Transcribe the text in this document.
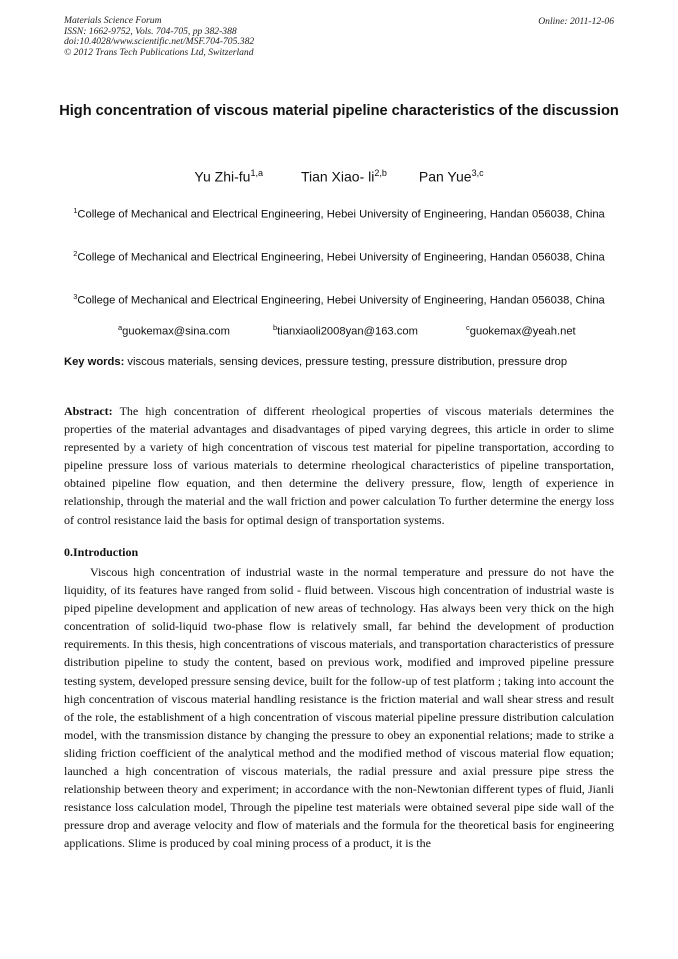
Materials Science Forum
ISSN: 1662-9752, Vols. 704-705, pp 382-388
doi:10.4028/www.scientific.net/MSF.704-705.382
© 2012 Trans Tech Publications Ltd, Switzerland
Online: 2011-12-06
High concentration of viscous material pipeline characteristics of the discussion
Yu Zhi-fu$^{1,a}$	Tian Xiao- li$^{2,b}$ Pan Yue$^{3,c}$
$^1$College of Mechanical and Electrical Engineering, Hebei University of Engineering, Handan 056038, China
$^2$College of Mechanical and Electrical Engineering, Hebei University of Engineering, Handan 056038, China
$^3$College of Mechanical and Electrical Engineering, Hebei University of Engineering, Handan 056038, China
$^a$guokemax@sina.com	$^b$tianxiaoli2008yan@163.com	$^c$guokemax@yeah.net
Key words: viscous materials, sensing devices, pressure testing, pressure distribution, pressure drop
Abstract: The high concentration of different rheological properties of viscous materials determines the properties of the material advantages and disadvantages of piped varying degrees, this article in order to slime represented by a variety of high concentration of viscous test material for pipeline transportation, according to pipeline pressure loss of various materials to determine rheological characteristics of pipeline transportation, obtained pipeline flow equation, and then determine the delivery pressure, flow, length of experience in relationship, through the material and the wall friction and power calculation To further determine the energy loss of control resistance laid the basis for optimal design of transportation systems.
0.Introduction
Viscous high concentration of industrial waste in the normal temperature and pressure do not have the liquidity, of its features have ranged from solid - fluid between. Viscous high concentration of industrial waste is piped pipeline development and application of new areas of technology. Has always been very thick on the high concentration of solid-liquid two-phase flow is relatively small, far behind the development of production requirements. In this thesis, high concentrations of viscous materials, and transportation characteristics of pressure distribution pipeline to study the content, based on previous work, modified and improved pipeline pressure testing system, developed pressure sensing device, built for the follow-up of test platform ; taking into account the high concentration of viscous material handling resistance is the friction material and wall shear stress and result of the role, the establishment of a high concentration of viscous material pipeline pressure distribution calculation model, with the transmission distance by changing the pressure to obey an exponential relations; made to strike a sliding friction coefficient of the analytical method and the modified method of viscous material flow equation; launched a high concentration of viscous materials, the radial pressure and axial pressure pipe stress the relationship between theory and experiment; in accordance with the non-Newtonian different types of fluid, Jianli resistance loss calculation model, Through the pipeline test materials were obtained several pipe side wall of the pressure drop and average velocity and flow of materials and the formula for the theoretical basis for engineering applications. Slime is produced by coal mining process of a product, it is the
